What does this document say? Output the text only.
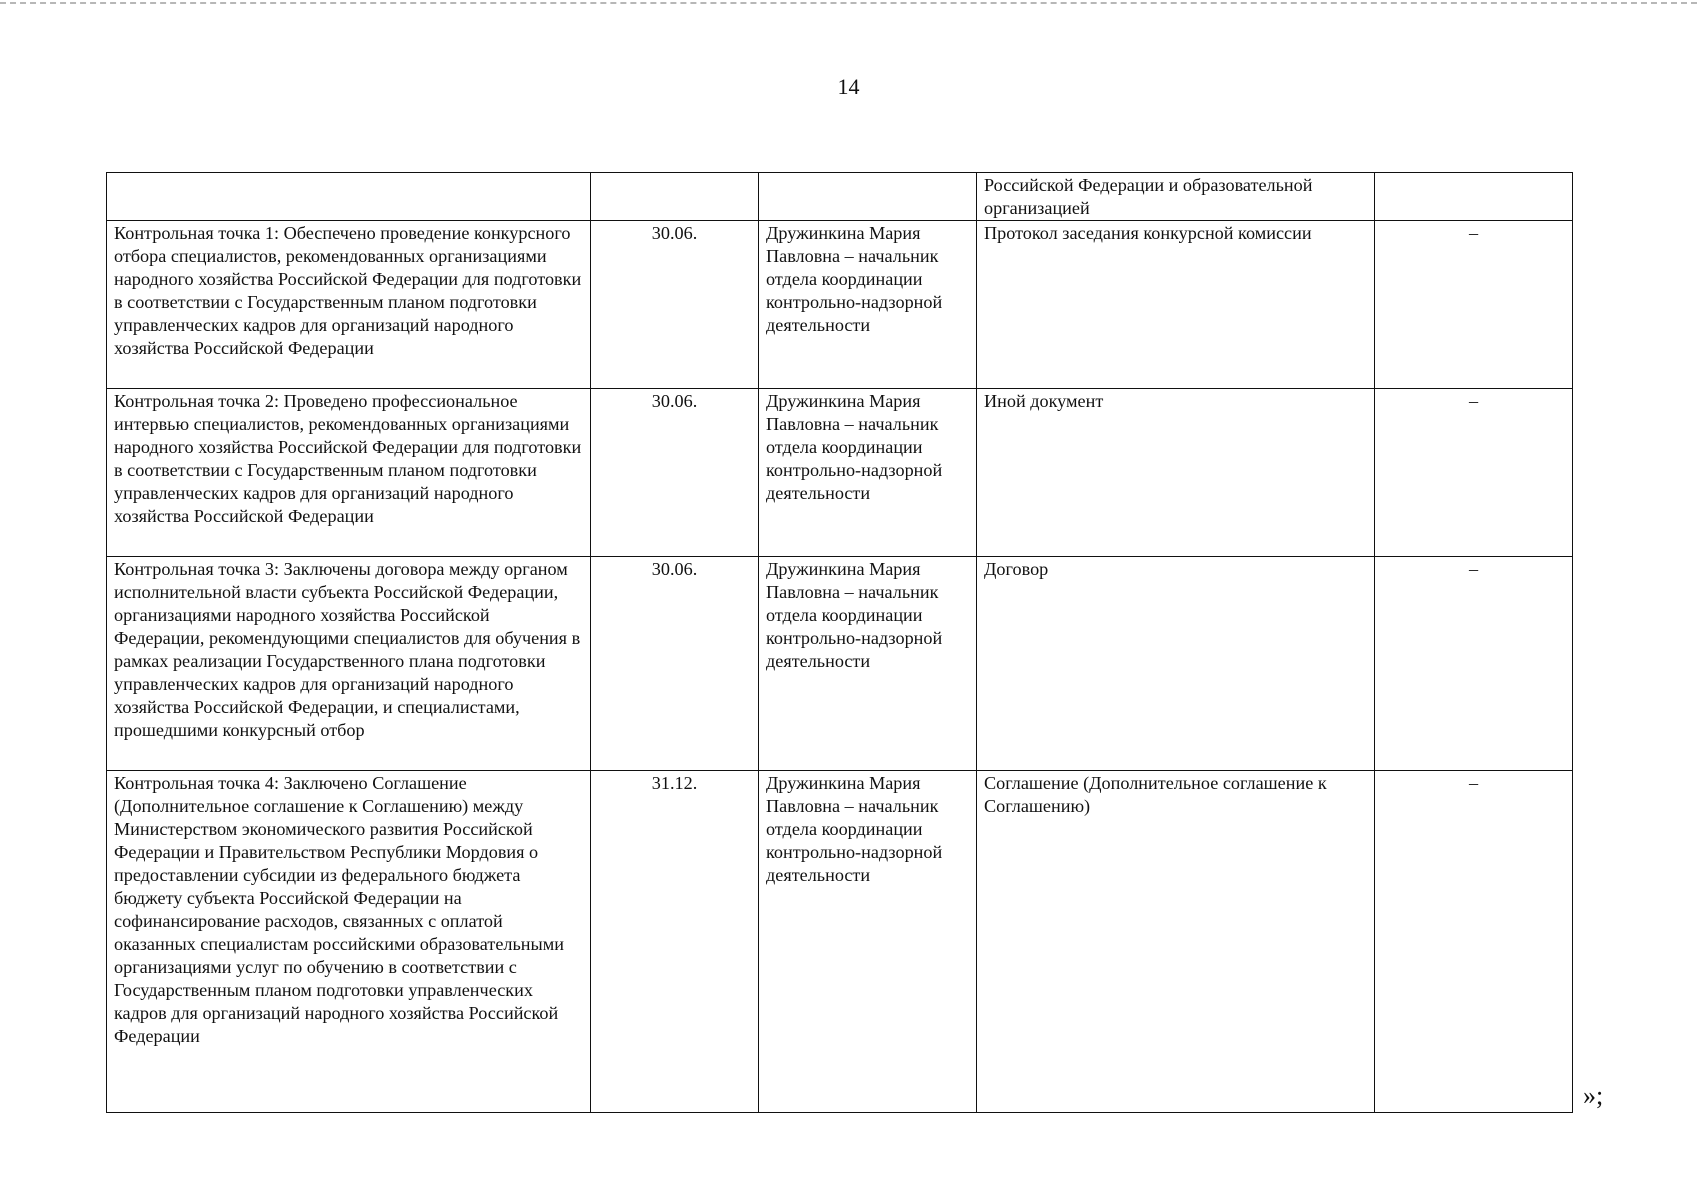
14
			Российской Федерации и образовательной организацией	
Контрольная точка 1: Обеспечено проведение конкурсного отбора специалистов, рекомендованных организациями народного хозяйства Российской Федерации для подготовки в соответствии с Государственным планом подготовки управленческих кадров для организаций народного хозяйства Российской Федерации	30.06.	Дружинкина Мария Павловна – начальник отдела координации контрольно-надзорной деятельности	Протокол заседания конкурсной комиссии	–
Контрольная точка 2: Проведено профессиональное интервью специалистов, рекомендованных организациями народного хозяйства Российской Федерации для подготовки в соответствии с Государственным планом подготовки управленческих кадров для организаций народного хозяйства Российской Федерации	30.06.	Дружинкина Мария Павловна – начальник отдела координации контрольно-надзорной деятельности	Иной документ	–
Контрольная точка 3: Заключены договора между органом исполнительной власти субъекта Российской Федерации, организациями народного хозяйства Российской Федерации, рекомендующими специалистов для обучения в рамках реализации Государственного плана подготовки управленческих кадров для организаций народного хозяйства Российской Федерации, и специалистами, прошедшими конкурсный отбор	30.06.	Дружинкина Мария Павловна – начальник отдела координации контрольно-надзорной деятельности	Договор	–
Контрольная точка 4: Заключено Соглашение (Дополнительное соглашение к Соглашению) между Министерством экономического развития Российской Федерации и Правительством Республики Мордовия о предоставлении субсидии из федерального бюджета бюджету субъекта Российской Федерации на софинансирование расходов, связанных с оплатой оказанных специалистам российскими образовательными организациями услуг по обучению в соответствии с Государственным планом подготовки управленческих кадров для организаций народного хозяйства Российской Федерации	31.12.	Дружинкина Мария Павловна – начальник отдела координации контрольно-надзорной деятельности	Соглашение (Дополнительное соглашение к Соглашению)	–
»;
